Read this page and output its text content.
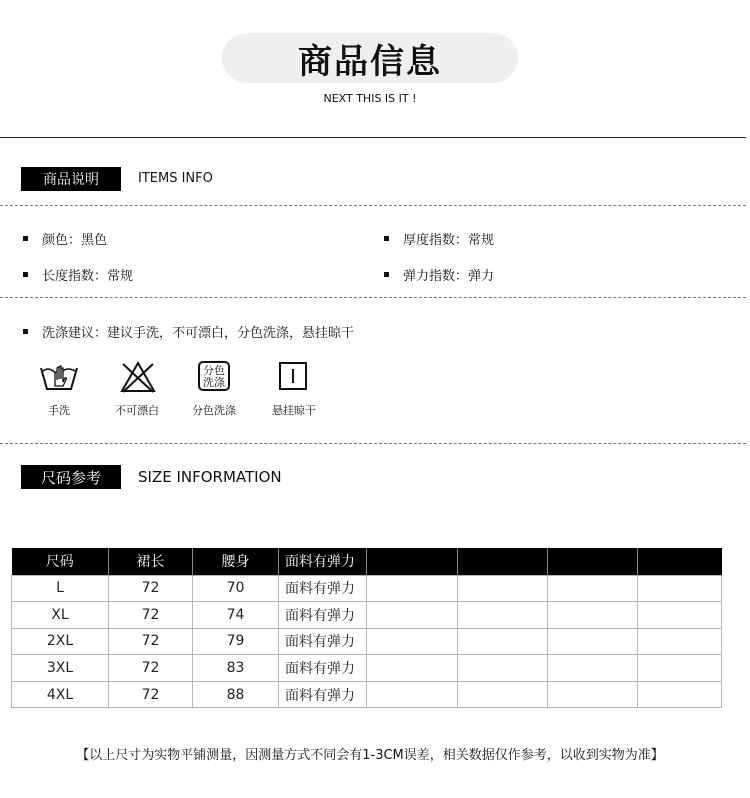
商品信息
NEXT THIS IS IT !
商品说明	ITEMS INFO
颜色：黑色	厚度指数：常规
长度指数：常规	弹力指数：弹力
洗涤建议：建议手洗，不可漂白，分色洗涤，悬挂晾干
分色
洗涤
手洗	不可漂白	分色洗涤	悬挂晾干
尺码参考	SIZE INFORMATION
尺码	裙长	腰身	面料有弹力				
L	72	70	面料有弹力				
XL	72	74	面料有弹力				
2XL	72	79	面料有弹力				
3XL	72	83	面料有弹力				
4XL	72	88	面料有弹力				
【以上尺寸为实物平铺测量，因测量方式不同会有1-3CM误差，相关数据仅作参考，以收到实物为准】
